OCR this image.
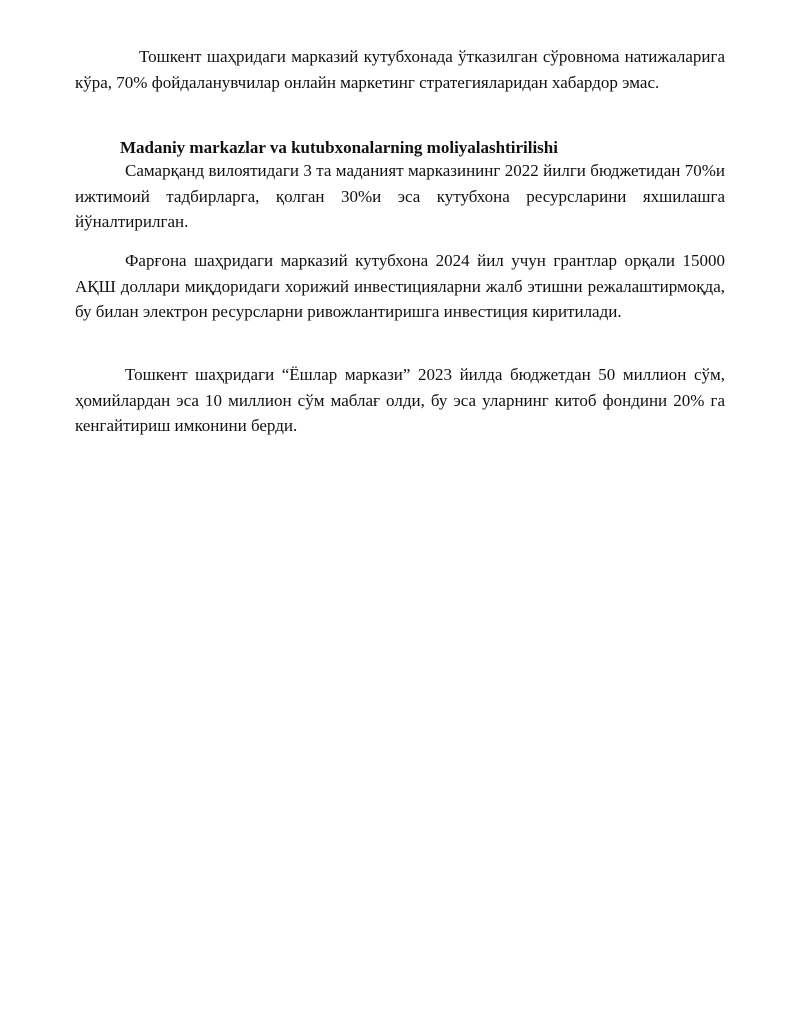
Тошкент шаҳридаги марказий кутубхонада ўтказилган сўровнома натижаларига кўра, 70% фойдаланувчилар онлайн маркетинг стратегияларидан хабардор эмас.

Madaniy markazlar va kutubxonalarning moliyalashtirilishi

Самарқанд вилоятидаги 3 та маданият марказининг 2022 йилги бюджетидан 70%и ижтимоий тадбирларга, қолган 30%и эса кутубхона ресурсларини яхшилашга йўналтирилган.

Фарғона шаҳридаги марказий кутубхона 2024 йил учун грантлар орқали 15000 АҚШ доллари миқдоридаги хорижий инвестицияларни жалб этишни режалаштирмоқда, бу билан электрон ресурсларни ривожлантиришга инвестиция киритилади.

Тошкент шаҳридаги “Ёшлар маркази” 2023 йилда бюджетдан 50 миллион сўм, ҳомийлардан эса 10 миллион сўм маблағ олди, бу эса уларнинг китоб фондини 20% га кенгайтириш имконини берди.
